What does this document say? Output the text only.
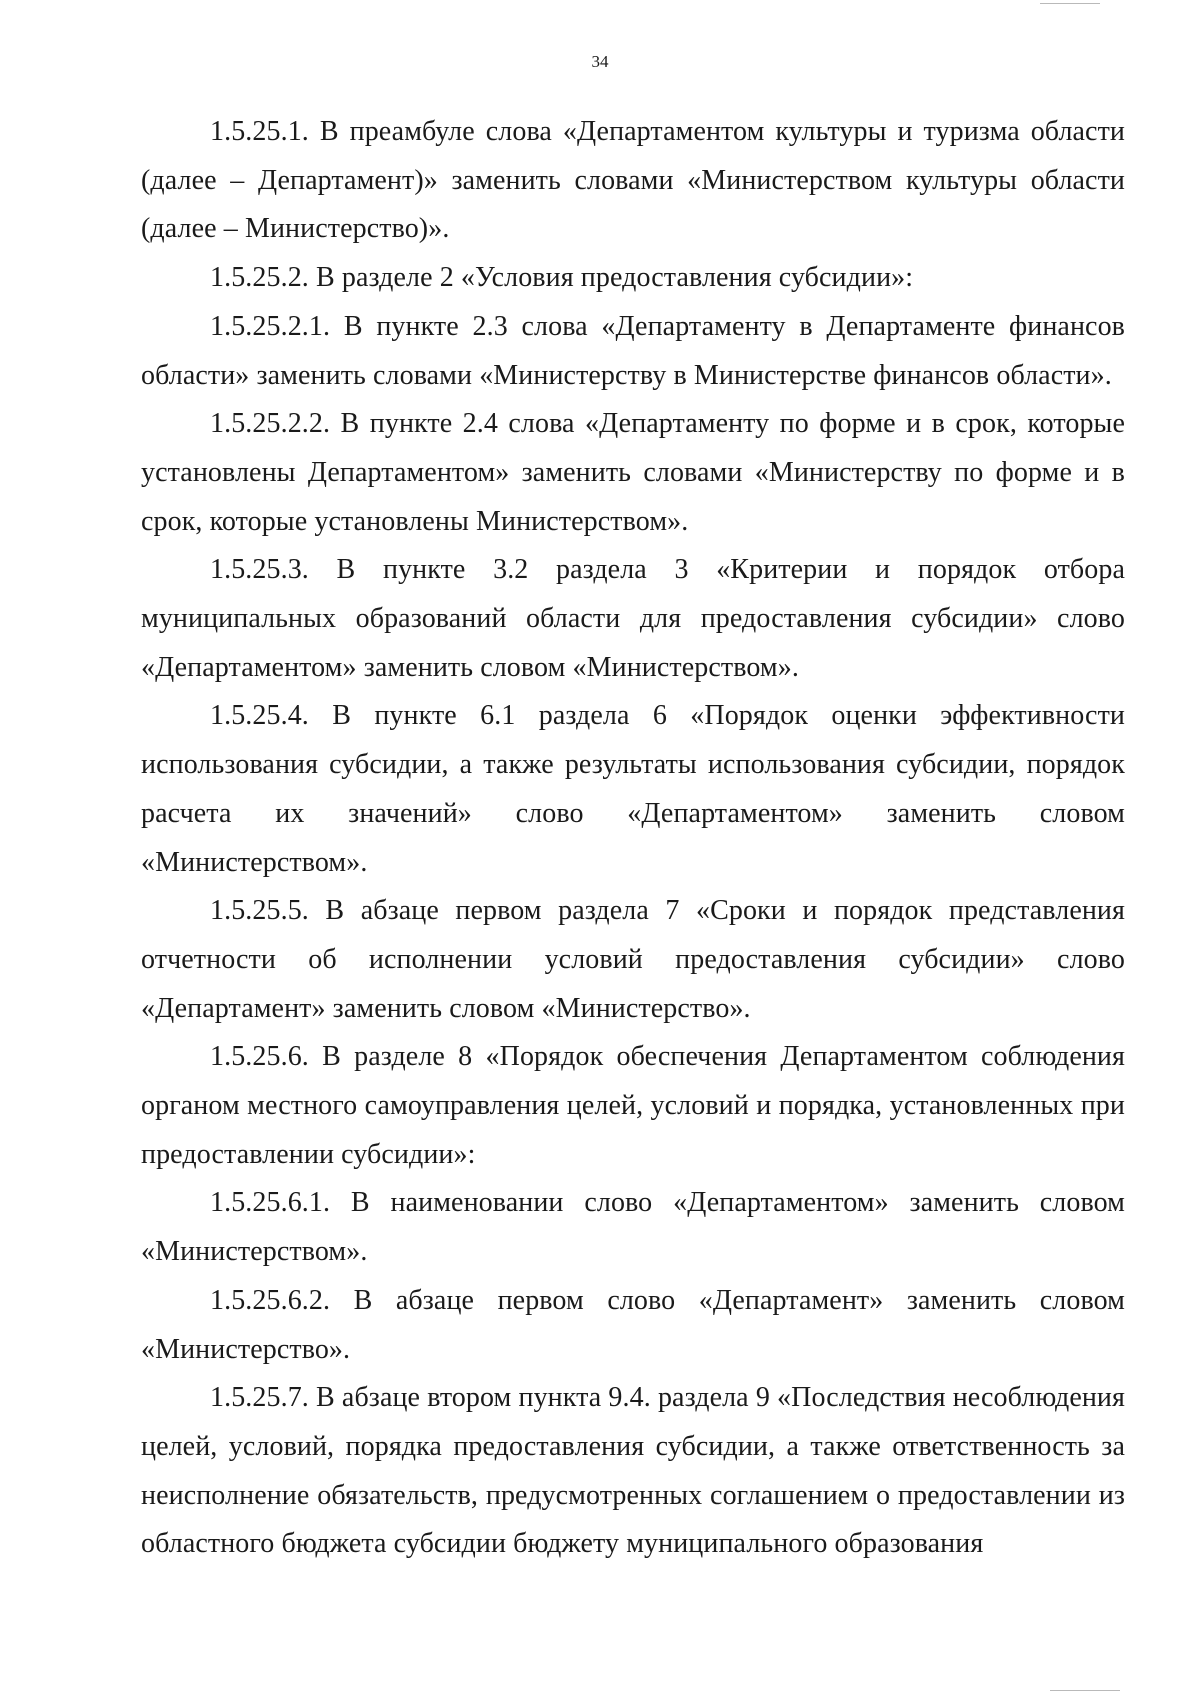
34

1.5.25.1. В преамбуле слова «Департаментом культуры и туризма области (далее – Департамент)» заменить словами «Министерством культуры области (далее – Министерство)».

1.5.25.2. В разделе 2 «Условия предоставления субсидии»:

1.5.25.2.1. В пункте 2.3 слова «Департаменту в Департаменте финансов области» заменить словами «Министерству в Министерстве финансов области».

1.5.25.2.2. В пункте 2.4 слова «Департаменту по форме и в срок, которые установлены Департаментом» заменить словами «Министерству по форме и в срок, которые установлены Министерством».

1.5.25.3. В пункте 3.2 раздела 3 «Критерии и порядок отбора муниципальных образований области для предоставления субсидии» слово «Департаментом» заменить словом «Министерством».

1.5.25.4. В пункте 6.1 раздела 6 «Порядок оценки эффективности использования субсидии, а также результаты использования субсидии, порядок расчета их значений» слово «Департаментом» заменить словом «Министерством».

1.5.25.5. В абзаце первом раздела 7 «Сроки и порядок представления отчетности об исполнении условий предоставления субсидии» слово «Департамент» заменить словом «Министерство».

1.5.25.6. В разделе 8 «Порядок обеспечения Департаментом соблюдения органом местного самоуправления целей, условий и порядка, установленных при предоставлении субсидии»:

1.5.25.6.1. В наименовании слово «Департаментом» заменить словом «Министерством».

1.5.25.6.2. В абзаце первом слово «Департамент» заменить словом «Министерство».

1.5.25.7. В абзаце втором пункта 9.4. раздела 9 «Последствия несоблюдения целей, условий, порядка предоставления субсидии, а также ответственность за неисполнение обязательств, предусмотренных соглашением о предоставлении из областного бюджета субсидии бюджету муниципального образования
